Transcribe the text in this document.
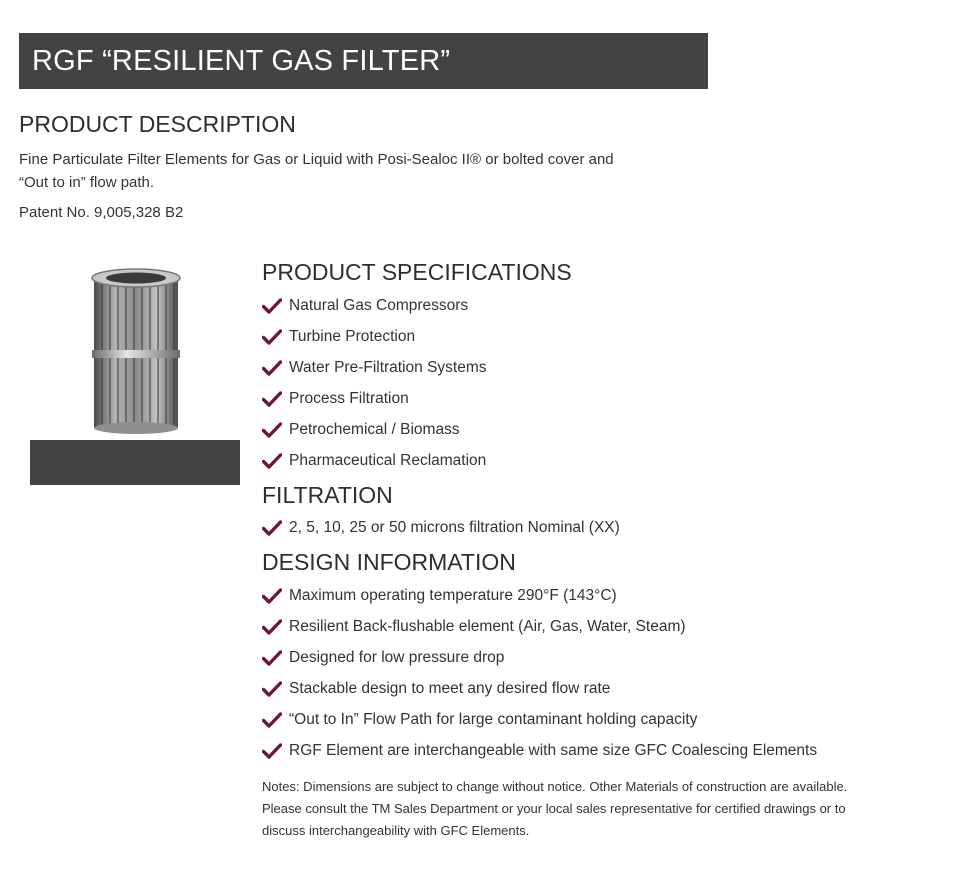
RGF “RESILIENT GAS FILTER”
PRODUCT DESCRIPTION
Fine Particulate Filter Elements for Gas or Liquid with Posi-Sealoc II® or bolted cover and
“Out to in” flow path.

Patent No. 9,005,328 B2

PRODUCT SPECIFICATIONS
Natural Gas Compressors
Turbine Protection
Water Pre-Filtration Systems
Process Filtration
Petrochemical / Biomass
Pharmaceutical Reclamation
FILTRATION
2, 5, 10, 25 or 50 microns filtration Nominal (XX)
DESIGN INFORMATION
Maximum operating temperature 290°F (143°C)
Resilient Back-flushable element (Air, Gas, Water, Steam)
Designed for low pressure drop
Stackable design to meet any desired flow rate
“Out to In” Flow Path for large contaminant holding capacity
RGF Element are interchangeable with same size GFC Coalescing Elements
Notes: Dimensions are subject to change without notice. Other Materials of construction are available.
Please consult the TM Sales Department or your local sales representative for certified drawings or to
discuss interchangeability with GFC Elements.
